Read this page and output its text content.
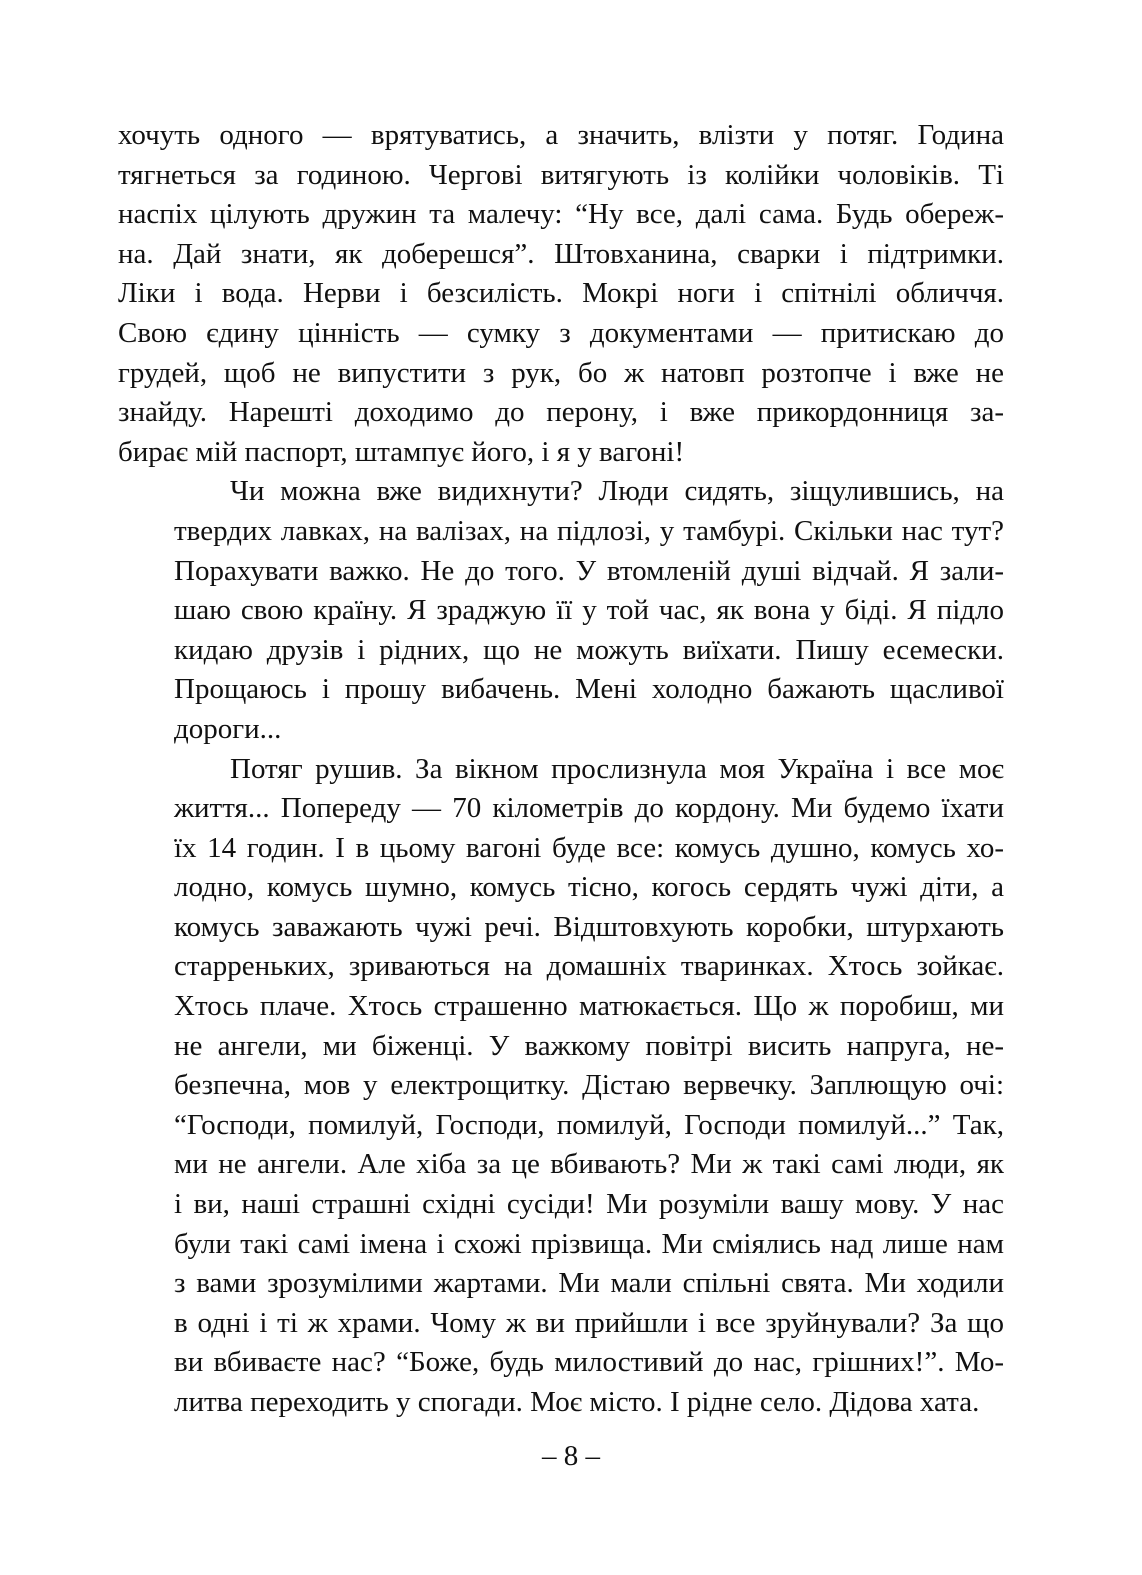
хочуть одного — врятуватись, а значить, влізти у потяг. Година
тягнеться за годиною. Чергові витягують із колійки чоловіків. Ті
наспіх цілують дружин та малечу: “Ну все, далі сама. Будь обереж-
на. Дай знати, як доберешся”. Штовханина, сварки і підтримки.
Ліки і вода. Нерви і безсилість. Мокрі ноги і спітнілі обличчя.
Свою єдину цінність — сумку з документами — притискаю до
грудей, щоб не випустити з рук, бо ж натовп розтопче і вже не
знайду. Нарешті доходимо до перону, і вже прикордонниця за-
бирає мій паспорт, штампує його, і я у вагоні!
Чи можна вже видихнути? Люди сидять, зіщулившись, на
твердих лавках, на валізах, на підлозі, у тамбурі. Скільки нас тут?
Порахувати важко. Не до того. У втомленій душі відчай. Я зали-
шаю свою країну. Я зраджую її у той час, як вона у біді. Я підло
кидаю друзів і рідних, що не можуть виїхати. Пишу есемески.
Прощаюсь і прошу вибачень. Мені холодно бажають щасливої
дороги...
Потяг рушив. За вікном прослизнула моя Україна і все моє
життя... Попереду — 70 кілометрів до кордону. Ми будемо їхати
їх 14 годин. І в цьому вагоні буде все: комусь душно, комусь хо-
лодно, комусь шумно, комусь тісно, когось сердять чужі діти, а
комусь заважають чужі речі. Відштовхують коробки, штурхають
старреньких, зриваються на домашніх тваринках. Хтось зойкає.
Хтось плаче. Хтось страшенно матюкається. Що ж поробиш, ми
не ангели, ми біженці. У важкому повітрі висить напруга, не-
безпечна, мов у електрощитку. Дістаю вервечку. Заплющую очі:
“Господи, помилуй, Господи, помилуй, Господи помилуй...” Так,
ми не ангели. Але хіба за це вбивають? Ми ж такі самі люди, як
і ви, наші страшні східні сусіди! Ми розуміли вашу мову. У нас
були такі самі імена і схожі прізвища. Ми сміялись над лише нам
з вами зрозумілими жартами. Ми мали спільні свята. Ми ходили
в одні і ті ж храми. Чому ж ви прийшли і все зруйнували? За що
ви вбиваєте нас? “Боже, будь милостивий до нас, грішних!”. Мо-
литва переходить у спогади. Моє місто. І рідне село. Дідова хата.
– 8 –
